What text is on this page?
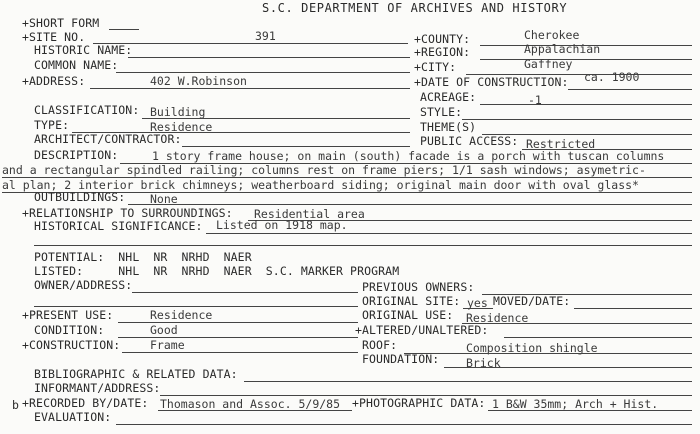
S.C. DEPARTMENT OF ARCHIVES AND HISTORY
+SHORT FORM
+SITE NO.	391	+COUNTY:	Cherokee
HISTORIC NAME:	+REGION:	Appalachian
COMMON NAME:	+CITY:	Gaffney
+ADDRESS:	402 W.Robinson	+DATE OF CONSTRUCTION: ca. 1900
ACREAGE:	-1
CLASSIFICATION: Building	STYLE:
TYPE:	Residence	THEME(S)
ARCHITECT/CONTRACTOR:	PUBLIC ACCESS: Restricted
DESCRIPTION:	1 story frame house; on main (south) facade is a porch with tuscan columns
and a rectangular spindled railing; columns rest on frame piers; 1/1 sash windows; asymetric-
al plan; 2 interior brick chimneys; weatherboard siding; original main door with oval glass*
OUTBUILDINGS: None
+RELATIONSHIP TO SURROUNDINGS: Residential area
HISTORICAL SIGNIFICANCE: Listed on 1918 map.
POTENTIAL:  NHL  NR  NRHD  NAER
LISTED:     NHL  NR  NRHD  NAER  S.C. MARKER PROGRAM
OWNER/ADDRESS:	PREVIOUS OWNERS:
ORIGINAL SITE: yes MOVED/DATE:
+PRESENT USE:	Residence	ORIGINAL USE: Residence
CONDITION:	Good	+ALTERED/UNALTERED:
+CONSTRUCTION:	Frame	ROOF:	Composition shingle
FOUNDATION: Brick
BIBLIOGRAPHIC & RELATED DATA:
INFORMANT/ADDRESS:
b +RECORDED BY/DATE: Thomason and Assoc. 5/9/85 +PHOTOGRAPHIC DATA: 1 B&W 35mm; Arch + Hist.
EVALUATION:
